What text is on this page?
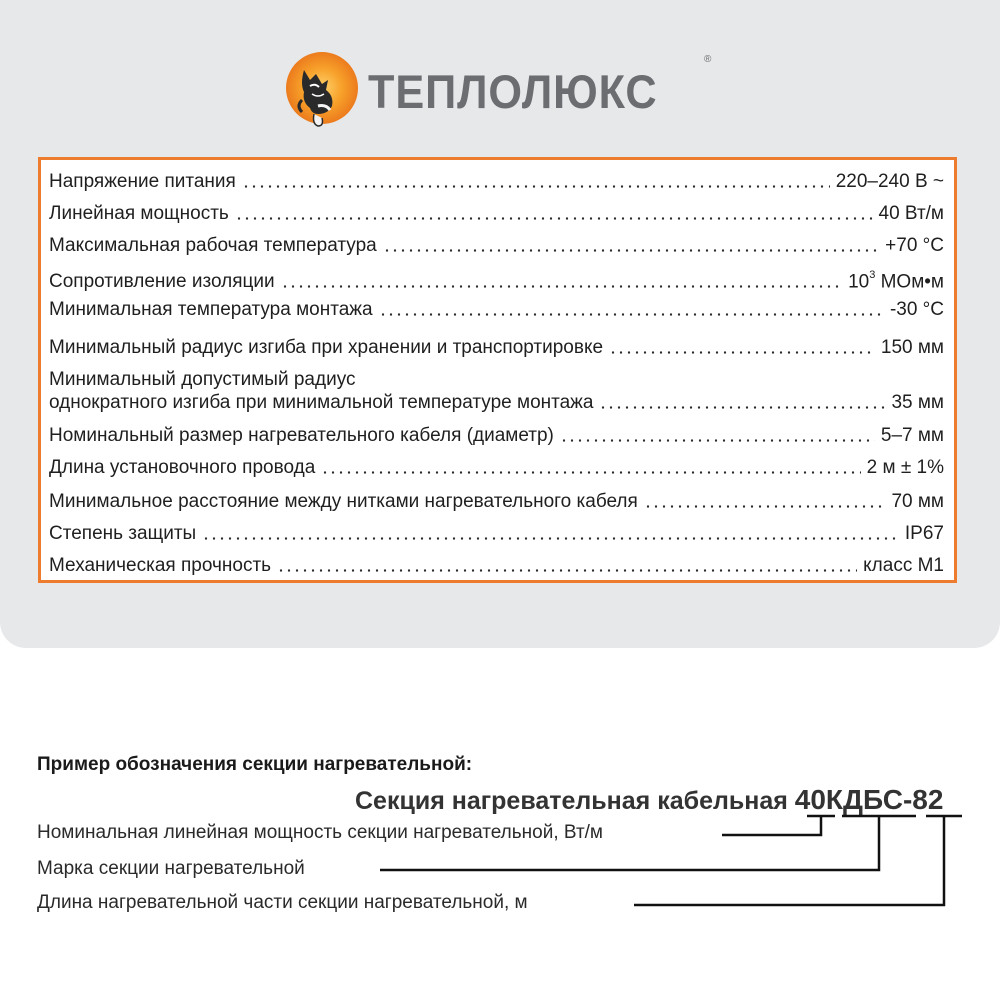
ТЕПЛОЛЮКС
®
Напряжение питания	220–240 В ~
Линейная мощность	40 Вт/м
Максимальная рабочая температура	+70 °С
Сопротивление изоляции	$10^3$ МОм•м
Минимальная температура монтажа	-30 °С
Минимальный радиус изгиба при хранении и транспортировке	150 мм
Минимальный допустимый радиус
однократного изгиба при минимальной температуре монтажа	35 мм
Номинальный размер нагревательного кабеля (диаметр)	5–7 мм
Длина установочного провода	2 м ± 1%
Минимальное расстояние между нитками нагревательного кабеля	70 мм
Степень защиты	IP67
Механическая прочность	класс М1
Пример обозначения секции нагревательной:
Секция нагревательная кабельная 40КДБС-82
Номинальная линейная мощность секции нагревательной, Вт/м
Марка секции нагревательной
Длина нагревательной части секции нагревательной, м
